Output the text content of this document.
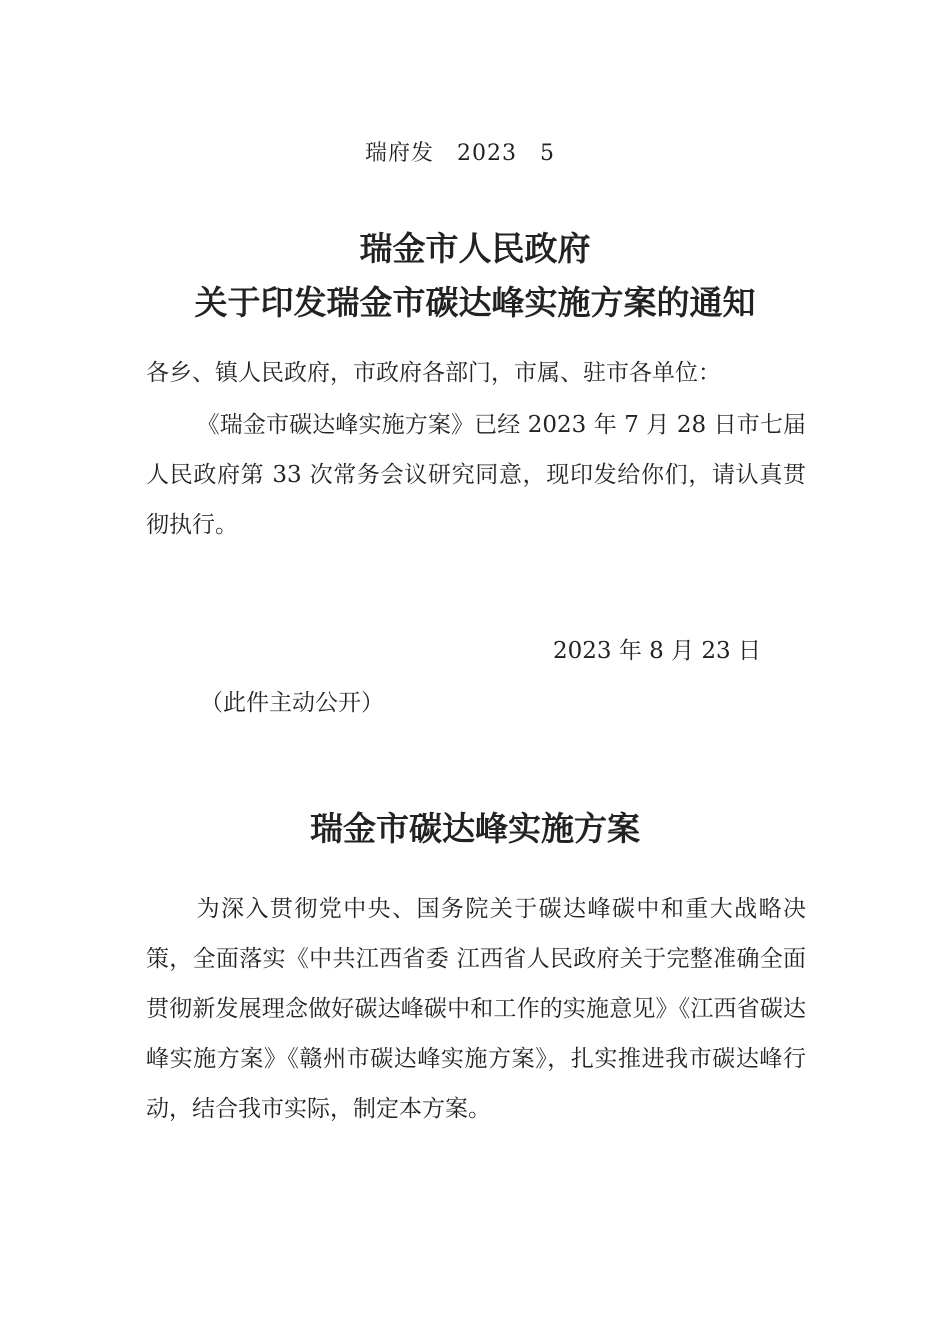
瑞府发　2023　5
瑞金市人民政府
关于印发瑞金市碳达峰实施方案的通知
各乡、镇人民政府，市政府各部门，市属、驻市各单位：
《瑞金市碳达峰实施方案》已经 2023 年 7 月 28 日市七届人民政府第 33 次常务会议研究同意，现印发给你们，请认真贯彻执行。
2023 年 8 月 23 日
（此件主动公开）
瑞金市碳达峰实施方案
为深入贯彻党中央、国务院关于碳达峰碳中和重大战略决策，全面落实《中共江西省委 江西省人民政府关于完整准确全面贯彻新发展理念做好碳达峰碳中和工作的实施意见》《江西省碳达峰实施方案》《赣州市碳达峰实施方案》，扎实推进我市碳达峰行动，结合我市实际，制定本方案。
